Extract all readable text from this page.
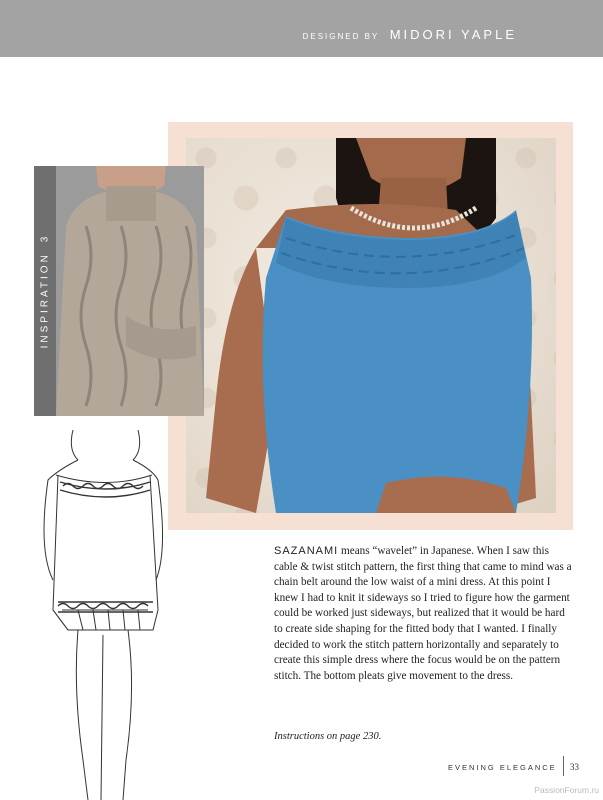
DESIGNED BY MIDORI YAPLE
INSPIRATION3

SAZANAMI means “wavelet” in Japanese. When I saw this cable & twist stitch pattern, the first thing that came to mind was a chain belt around the low waist of a mini dress. At this point I knew I had to knit it sideways so I tried to figure how the garment could be worked just sideways, but realized that it would be hard to create side shaping for the fitted body that I wanted. I finally decided to work the stitch pattern horizontally and separately to create this simple dress where the focus would be on the pattern stitch. The bottom pleats give movement to the dress.

Instructions on page 230.

EVENING ELEGANCE 33
PassionForum.ru
